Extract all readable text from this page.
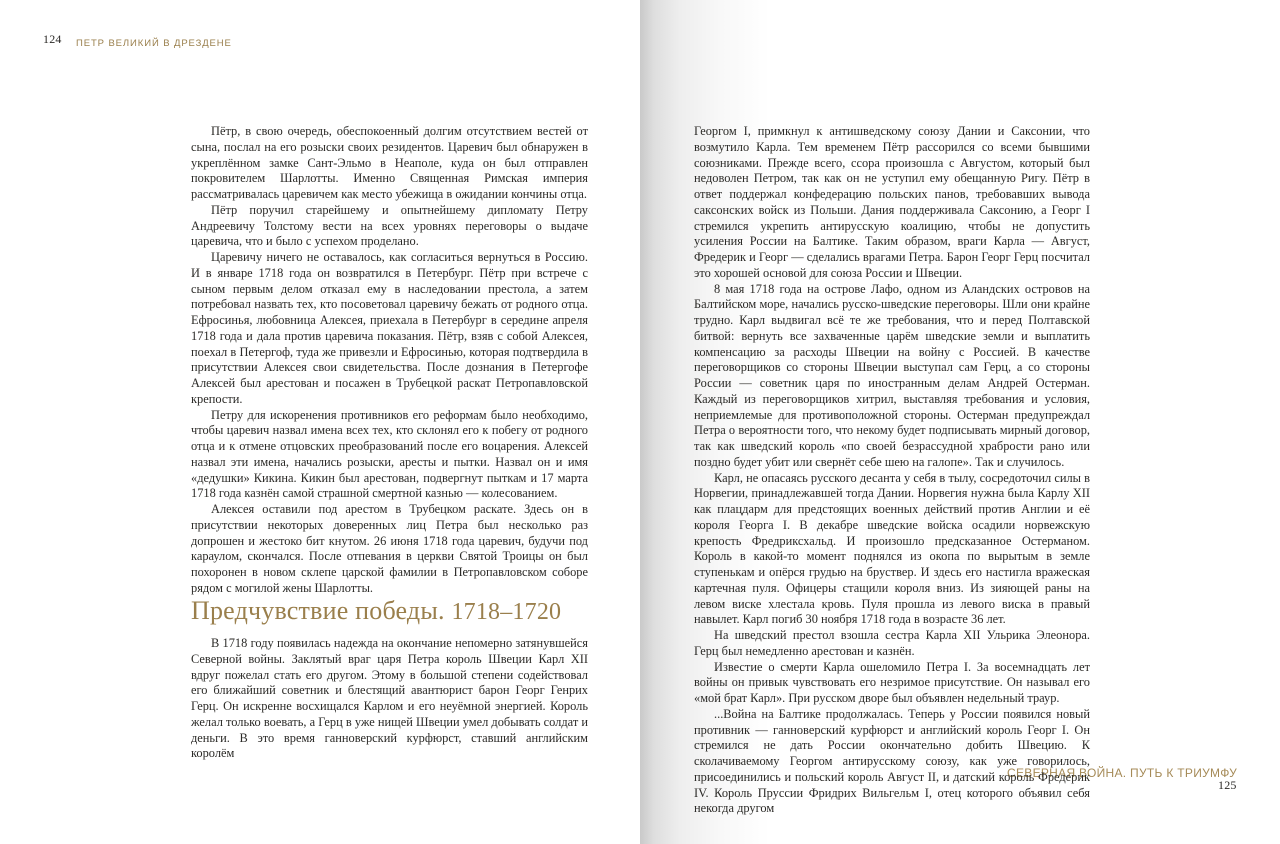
124 ПЕТР ВЕЛИКИЙ В ДРЕЗДЕНЕ
СЕВЕРНАЯ ВОЙНА. ПУТЬ К ТРИУМФУ
125

Пётр, в свою очередь, обеспокоенный долгим отсутствием вестей от сына, послал на его розыски своих резидентов. Царевич был обнаружен в укреплённом замке Сант-Эльмо в Неаполе, куда он был отправлен покровителем Шарлотты. Именно Священная Римская империя рассматривалась царевичем как место убежища в ожидании кончины отца.

Пётр поручил старейшему и опытнейшему дипломату Петру Андреевичу Толстому вести на всех уровнях переговоры о выдаче царевича, что и было с успехом проделано.

Царевичу ничего не оставалось, как согласиться вернуться в Россию. И в январе 1718 года он возвратился в Петербург. Пётр при встрече с сыном первым делом отказал ему в наследовании престола, а затем потребовал назвать тех, кто посоветовал царевичу бежать от родного отца. Ефросинья, любовница Алексея, приехала в Петербург в середине апреля 1718 года и дала против царевича показания. Пётр, взяв с собой Алексея, поехал в Петергоф, туда же привезли и Ефросинью, которая подтвердила в присутствии Алексея свои свидетельства. После дознания в Петергофе Алексей был арестован и посажен в Трубецкой раскат Петропавловской крепости.

Петру для искоренения противников его реформам было необходимо, чтобы царевич назвал имена всех тех, кто склонял его к побегу от родного отца и к отмене отцовских преобразований после его воцарения. Алексей назвал эти имена, начались розыски, аресты и пытки. Назвал он и имя «дедушки» Кикина. Кикин был арестован, подвергнут пыткам и 17 марта 1718 года казнён самой страшной смертной казнью — колесованием.

Алексея оставили под арестом в Трубецком раскате. Здесь он в присутствии некоторых доверенных лиц Петра был несколько раз допрошен и жестоко бит кнутом. 26 июня 1718 года царевич, будучи под караулом, скончался. После отпевания в церкви Святой Троицы он был похоронен в новом склепе царской фамилии в Петропавловском соборе рядом с могилой жены Шарлотты.

Предчувствие победы. 1718–1720

В 1718 году появилась надежда на окончание непомерно затянувшейся Северной войны. Заклятый враг царя Петра король Швеции Карл XII вдруг пожелал стать его другом. Этому в большой степени содействовал его ближайший советник и блестящий авантюрист барон Георг Генрих Герц. Он искренне восхищался Карлом и его неуёмной энергией. Король желал только воевать, а Герц в уже нищей Швеции умел добывать солдат и деньги. В это время ганноверский курфюрст, ставший английским королём

Георгом I, примкнул к антишведскому союзу Дании и Саксонии, что возмутило Карла. Тем временем Пётр рассорился со всеми бывшими союзниками. Прежде всего, ссора произошла с Августом, который был недоволен Петром, так как он не уступил ему обещанную Ригу. Пётр в ответ поддержал конфедерацию польских панов, требовавших вывода саксонских войск из Польши. Дания поддерживала Саксонию, а Георг I стремился укрепить антирусскую коалицию, чтобы не допустить усиления России на Балтике. Таким образом, враги Карла — Август, Фредерик и Георг — сделались врагами Петра. Барон Георг Герц посчитал это хорошей основой для союза России и Швеции.

8 мая 1718 года на острове Лафо, одном из Аландских островов на Балтийском море, начались русско-шведские переговоры. Шли они крайне трудно. Карл выдвигал всё те же требования, что и перед Полтавской битвой: вернуть все захваченные царём шведские земли и выплатить компенсацию за расходы Швеции на войну с Россией. В качестве переговорщиков со стороны Швеции выступал сам Герц, а со стороны России — советник царя по иностранным делам Андрей Остерман. Каждый из переговорщиков хитрил, выставляя требования и условия, неприемлемые для противоположной стороны. Остерман предупреждал Петра о вероятности того, что некому будет подписывать мирный договор, так как шведский король «по своей безрассудной храбрости рано или поздно будет убит или свернёт себе шею на галопе». Так и случилось.

Карл, не опасаясь русского десанта у себя в тылу, сосредоточил силы в Норвегии, принадлежавшей тогда Дании. Норвегия нужна была Карлу XII как плацдарм для предстоящих военных действий против Англии и её короля Георга I. В декабре шведские войска осадили норвежскую крепость Фредриксхальд. И произошло предсказанное Остерманом. Король в какой-то момент поднялся из окопа по вырытым в земле ступенькам и опёрся грудью на бруствер. И здесь его настигла вражеская картечная пуля. Офицеры стащили короля вниз. Из зияющей раны на левом виске хлестала кровь. Пуля прошла из левого виска в правый навылет. Карл погиб 30 ноября 1718 года в возрасте 36 лет.

На шведский престол взошла сестра Карла XII Ульрика Элеонора. Герц был немедленно арестован и казнён.

Известие о смерти Карла ошеломило Петра I. За восемнадцать лет войны он привык чувствовать его незримое присутствие. Он называл его «мой брат Карл». При русском дворе был объявлен недельный траур.

...Война на Балтике продолжалась. Теперь у России появился новый противник — ганноверский курфюрст и английский король Георг I. Он стремился не дать России окончательно добить Швецию. К сколачиваемому Георгом антирусскому союзу, как уже говорилось, присоединились и польский король Август II, и датский король Фредерик IV. Король Пруссии Фридрих Вильгельм I, отец которого объявил себя некогда другом
